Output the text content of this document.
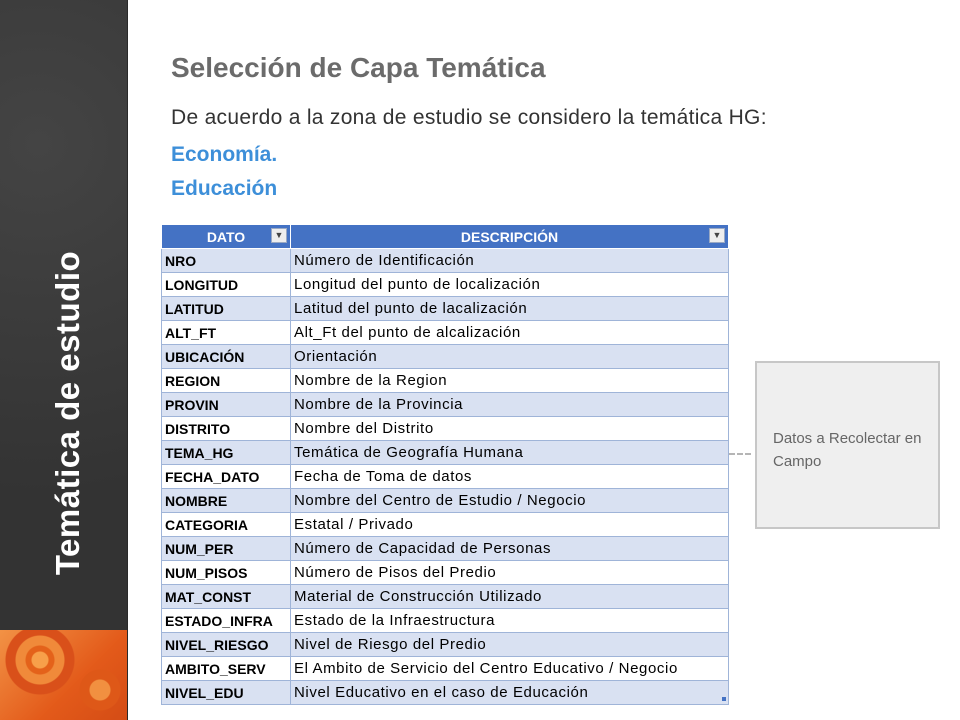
Temática de estudio
Selección de Capa Temática
De acuerdo a la zona de estudio se considero la temática HG:
Economía.
Educación
DATO ▼	DESCRIPCIÓN ▼

NRO	Número de Identificación
LONGITUD	Longitud del punto de localización
LATITUD	Latitud del punto de lacalización
ALT_FT	Alt_Ft del punto de alcalización
UBICACIÓN	Orientación
REGION	Nombre de la Region
PROVIN	Nombre de la Provincia
DISTRITO	Nombre del Distrito
TEMA_HG	Temática de Geografía Humana
FECHA_DATO	Fecha de Toma de datos
NOMBRE	Nombre del Centro de Estudio / Negocio
CATEGORIA	Estatal / Privado
NUM_PER	Número de Capacidad de Personas
NUM_PISOS	Número de Pisos del Predio
MAT_CONST	Material de Construcción Utilizado
ESTADO_INFRA	Estado de la Infraestructura
NIVEL_RIESGO	Nivel de Riesgo del Predio
AMBITO_SERV	El Ambito de Servicio del Centro Educativo / Negocio
NIVEL_EDU	Nivel Educativo en el caso de Educación
Datos a Recolectar en Campo
